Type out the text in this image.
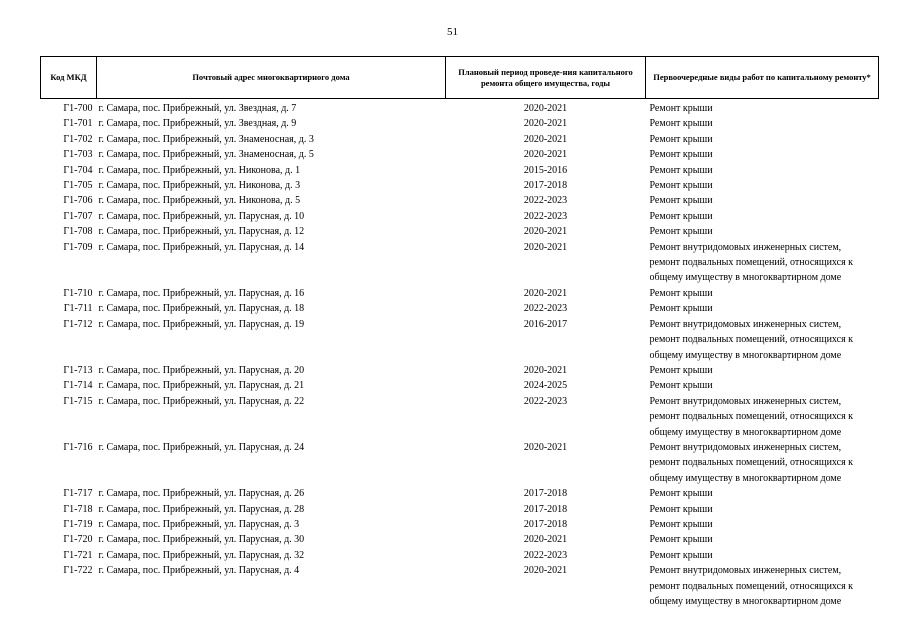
51
Код МКД	Почтовый адрес многоквартирного дома	Плановый период проведе-ния капитального ремонта общего имущества, годы	Первоочередные виды работ по капитальному ремонту*
Г1-700	г. Самара, пос. Прибрежный, ул. Звездная, д. 7	2020-2021	Ремонт крыши

Г1-701	г. Самара, пос. Прибрежный, ул. Звездная, д. 9	2020-2021	Ремонт крыши

Г1-702	г. Самара, пос. Прибрежный, ул. Знаменосная, д. 3	2020-2021	Ремонт крыши

Г1-703	г. Самара, пос. Прибрежный, ул. Знаменосная, д. 5	2020-2021	Ремонт крыши

Г1-704	г. Самара, пос. Прибрежный, ул. Никонова, д. 1	2015-2016	Ремонт крыши

Г1-705	г. Самара, пос. Прибрежный, ул. Никонова, д. 3	2017-2018	Ремонт крыши

Г1-706	г. Самара, пос. Прибрежный, ул. Никонова, д. 5	2022-2023	Ремонт крыши

Г1-707	г. Самара, пос. Прибрежный, ул. Парусная, д. 10	2022-2023	Ремонт крыши

Г1-708	г. Самара, пос. Прибрежный, ул. Парусная, д. 12	2020-2021	Ремонт крыши

Г1-709	г. Самара, пос. Прибрежный, ул. Парусная, д. 14	2020-2021	Ремонт внутридомовых инженерных систем,
ремонт подвальных помещений, относящихся к
общему имуществу в многоквартирном доме

Г1-710	г. Самара, пос. Прибрежный, ул. Парусная, д. 16	2020-2021	Ремонт крыши

Г1-711	г. Самара, пос. Прибрежный, ул. Парусная, д. 18	2022-2023	Ремонт крыши

Г1-712	г. Самара, пос. Прибрежный, ул. Парусная, д. 19	2016-2017	Ремонт внутридомовых инженерных систем,
ремонт подвальных помещений, относящихся к
общему имуществу в многоквартирном доме

Г1-713	г. Самара, пос. Прибрежный, ул. Парусная, д. 20	2020-2021	Ремонт крыши

Г1-714	г. Самара, пос. Прибрежный, ул. Парусная, д. 21	2024-2025	Ремонт крыши

Г1-715	г. Самара, пос. Прибрежный, ул. Парусная, д. 22	2022-2023	Ремонт внутридомовых инженерных систем,
ремонт подвальных помещений, относящихся к
общему имуществу в многоквартирном доме

Г1-716	г. Самара, пос. Прибрежный, ул. Парусная, д. 24	2020-2021	Ремонт внутридомовых инженерных систем,
ремонт подвальных помещений, относящихся к
общему имуществу в многоквартирном доме

Г1-717	г. Самара, пос. Прибрежный, ул. Парусная, д. 26	2017-2018	Ремонт крыши

Г1-718	г. Самара, пос. Прибрежный, ул. Парусная, д. 28	2017-2018	Ремонт крыши

Г1-719	г. Самара, пос. Прибрежный, ул. Парусная, д. 3	2017-2018	Ремонт крыши

Г1-720	г. Самара, пос. Прибрежный, ул. Парусная, д. 30	2020-2021	Ремонт крыши

Г1-721	г. Самара, пос. Прибрежный, ул. Парусная, д. 32	2022-2023	Ремонт крыши

Г1-722	г. Самара, пос. Прибрежный, ул. Парусная, д. 4	2020-2021	Ремонт внутридомовых инженерных систем,
ремонт подвальных помещений, относящихся к
общему имуществу в многоквартирном доме
